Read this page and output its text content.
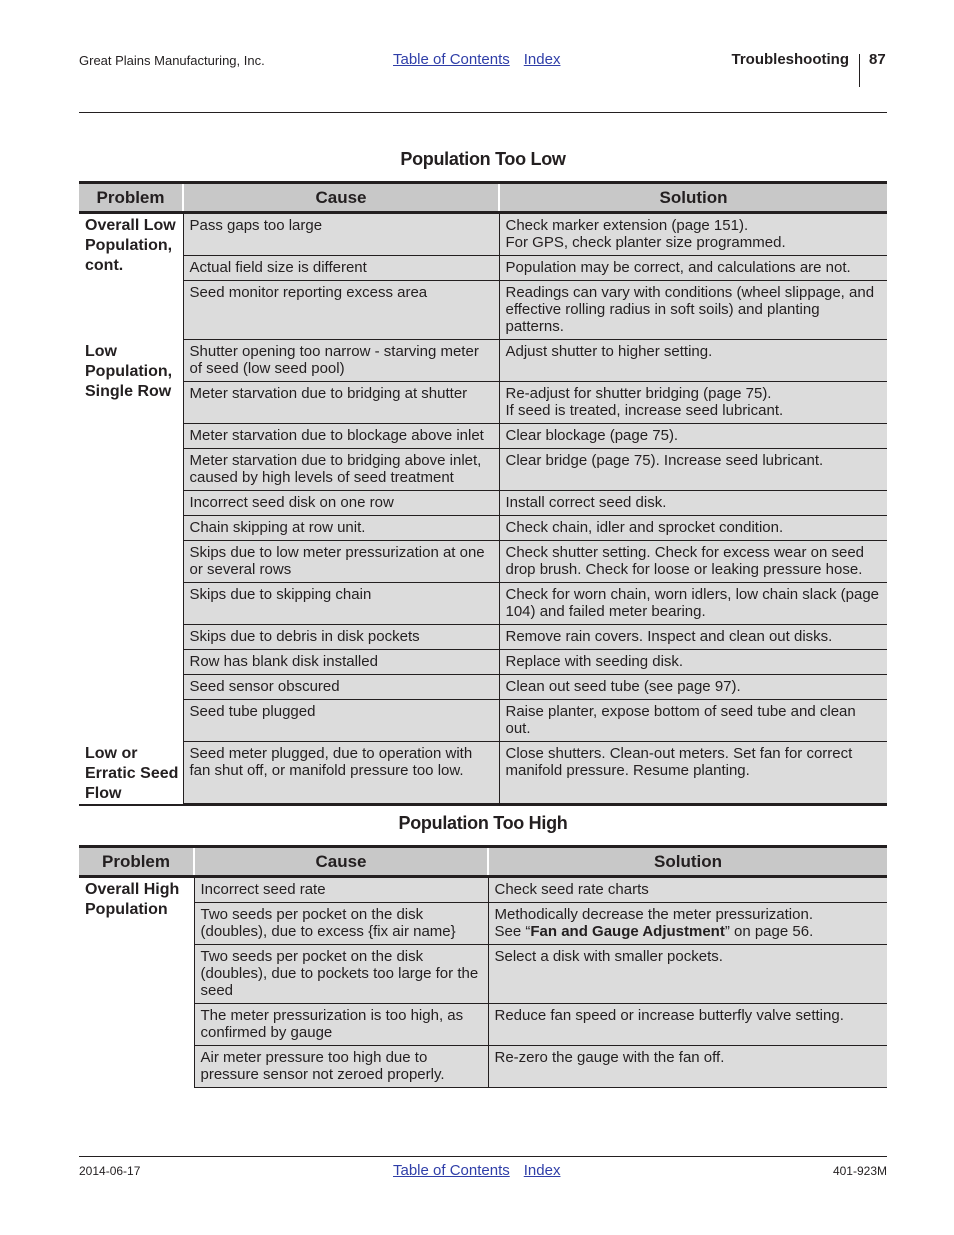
Great Plains Manufacturing, Inc.	Table of Contents Index	Troubleshooting 87
Population Too Low
Problem	Cause	Solution
Overall Low Population, cont.	Pass gaps too large	Check marker extension (page 151).
For GPS, check planter size programmed.

	Actual field size is different	Population may be correct, and calculations are not.

	Seed monitor reporting excess area	Readings can vary with conditions (wheel slippage, and effective rolling radius in soft soils) and planting patterns.

Low Population, Single Row	Shutter opening too narrow - starving meter of seed (low seed pool)	Adjust shutter to higher setting.

	Meter starvation due to bridging at shutter	Re-adjust for shutter bridging (page 75).
If seed is treated, increase seed lubricant.

	Meter starvation due to blockage above inlet	Clear blockage (page 75).

	Meter starvation due to bridging above inlet, caused by high levels of seed treatment	Clear bridge (page 75). Increase seed lubricant.

	Incorrect seed disk on one row	Install correct seed disk.

	Chain skipping at row unit.	Check chain, idler and sprocket condition.

	Skips due to low meter pressurization at one or several rows	Check shutter setting. Check for excess wear on seed drop brush. Check for loose or leaking pressure hose.

	Skips due to skipping chain	Check for worn chain, worn idlers, low chain slack (page 104) and failed meter bearing.

	Skips due to debris in disk pockets	Remove rain covers. Inspect and clean out disks.

	Row has blank disk installed	Replace with seeding disk.

	Seed sensor obscured	Clean out seed tube (see page 97).

	Seed tube plugged	Raise planter, expose bottom of seed tube and clean out.

Low or Erratic Seed Flow	Seed meter plugged, due to operation with fan shut off, or manifold pressure too low.	Close shutters. Clean-out meters. Set fan for correct manifold pressure. Resume planting.
Population Too High
Problem	Cause	Solution
Overall High Population	Incorrect seed rate	Check seed rate charts

	Two seeds per pocket on the disk (doubles), due to excess {fix air name}	Methodically decrease the meter pressurization.
See “Fan and Gauge Adjustment” on page 56.

	Two seeds per pocket on the disk (doubles), due to pockets too large for the seed	Select a disk with smaller pockets.

	The meter pressurization is too high, as confirmed by gauge	Reduce fan speed or increase butterfly valve setting.

	Air meter pressure too high due to pressure sensor not zeroed properly.	Re-zero the gauge with the fan off.
2014-06-17	Table of Contents Index	401-923M
